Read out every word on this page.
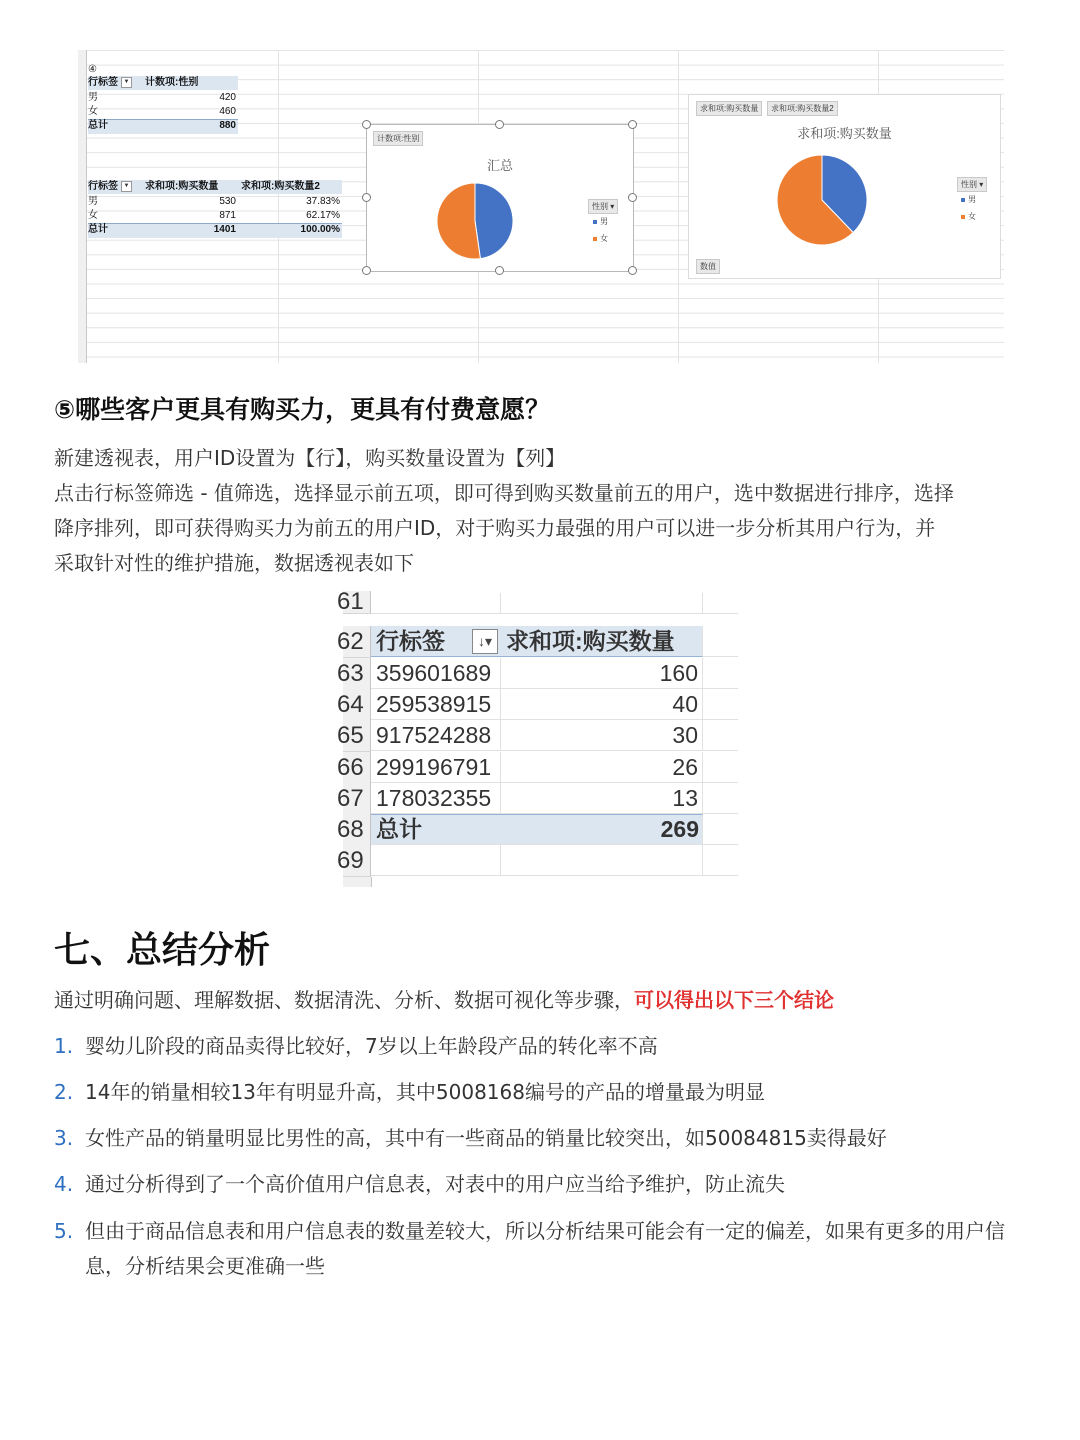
④
行标签 ▼	计数项:性别
男	420
女	460
总计	880
行标签 ▼	求和项:购买数量 求和项:购买数量2
男	530	37.83%
女	871	62.17%
总计	1401	100.00%
计数项:性别
汇总
性别 ▾
男
女
求和项:购买数量	求和项:购买数量2
求和项:购买数量
性别 ▾
男
女
数值
⑤哪些客户更具有购买力，更具有付费意愿？

新建透视表，用户ID设置为【行】，购买数量设置为【列】

点击行标签筛选 - 值筛选，选择显示前五项，即可得到购买数量前五的用户，选中数据进行排序，选择

降序排列，即可获得购买力为前五的用户ID，对于购买力最强的用户可以进一步分析其用户行为，并

采取针对性的维护措施，数据透视表如下

61
62
63
64
65
66
67
68
69
行标签	↓▾ 求和项:购买数量
359601689	160
259538915	40
917524288	30
299196791	26
178032355	13
总计	269
七、总结分析

通过明确问题、理解数据、数据清洗、分析、数据可视化等步骤，可以得出以下三个结论

1. 婴幼儿阶段的商品卖得比较好，7岁以上年龄段产品的转化率不高
2. 14年的销量相较13年有明显升高，其中5008168编号的产品的增量最为明显
3. 女性产品的销量明显比男性的高，其中有一些商品的销量比较突出，如50084815卖得最好
4. 通过分析得到了一个高价值用户信息表，对表中的用户应当给予维护，防止流失
5. 但由于商品信息表和用户信息表的数量差较大，所以分析结果可能会有一定的偏差，如果有更多的用户信息，分析结果会更准确一些
